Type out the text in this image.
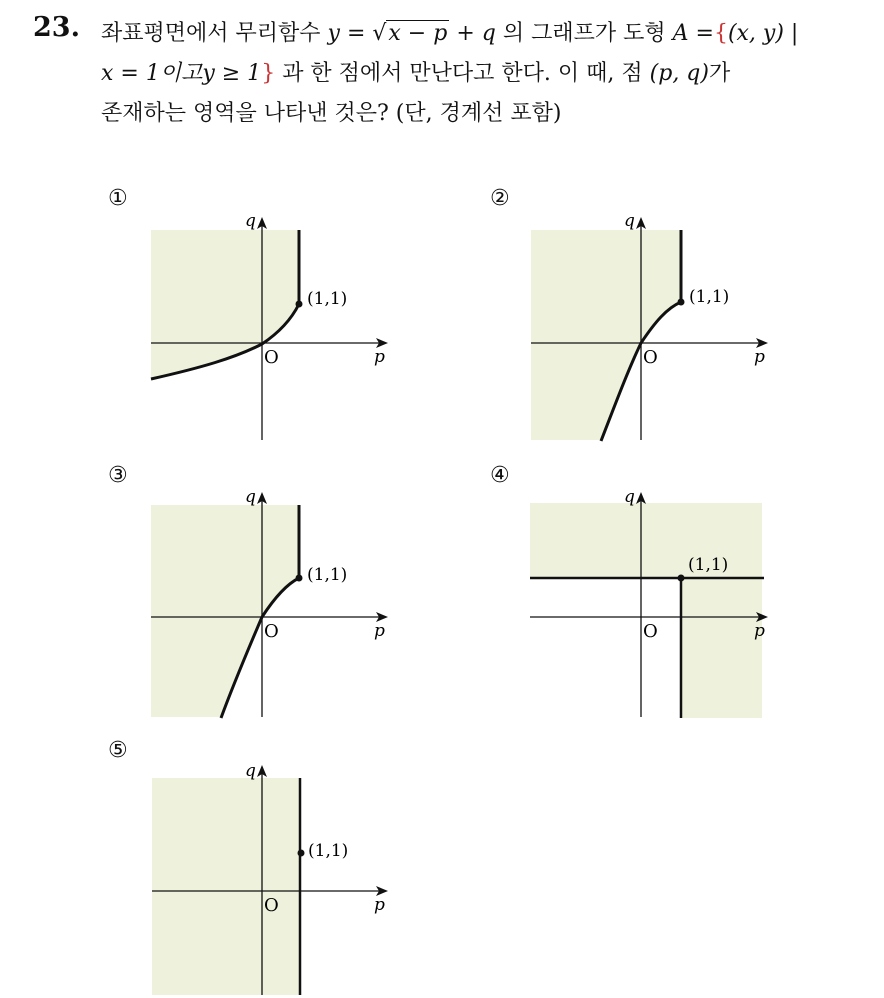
23. 좌표평면에서 무리함수 y = √x − p + q 의 그래프가 도형 A ={(x, y) |
x = 1이고y ≥ 1} 과 한 점에서 만난다고 한다. 이 때, 점 (p, q)가
존재하는 영역을 나타낸 것은? (단, 경계선 포함)
①
(1,1)
q
p
O
②
(1,1)
q
p
O
③
(1,1)
q
p
O
④
(1,1)
q
p
O
⑤
(1,1)
q
p
O
